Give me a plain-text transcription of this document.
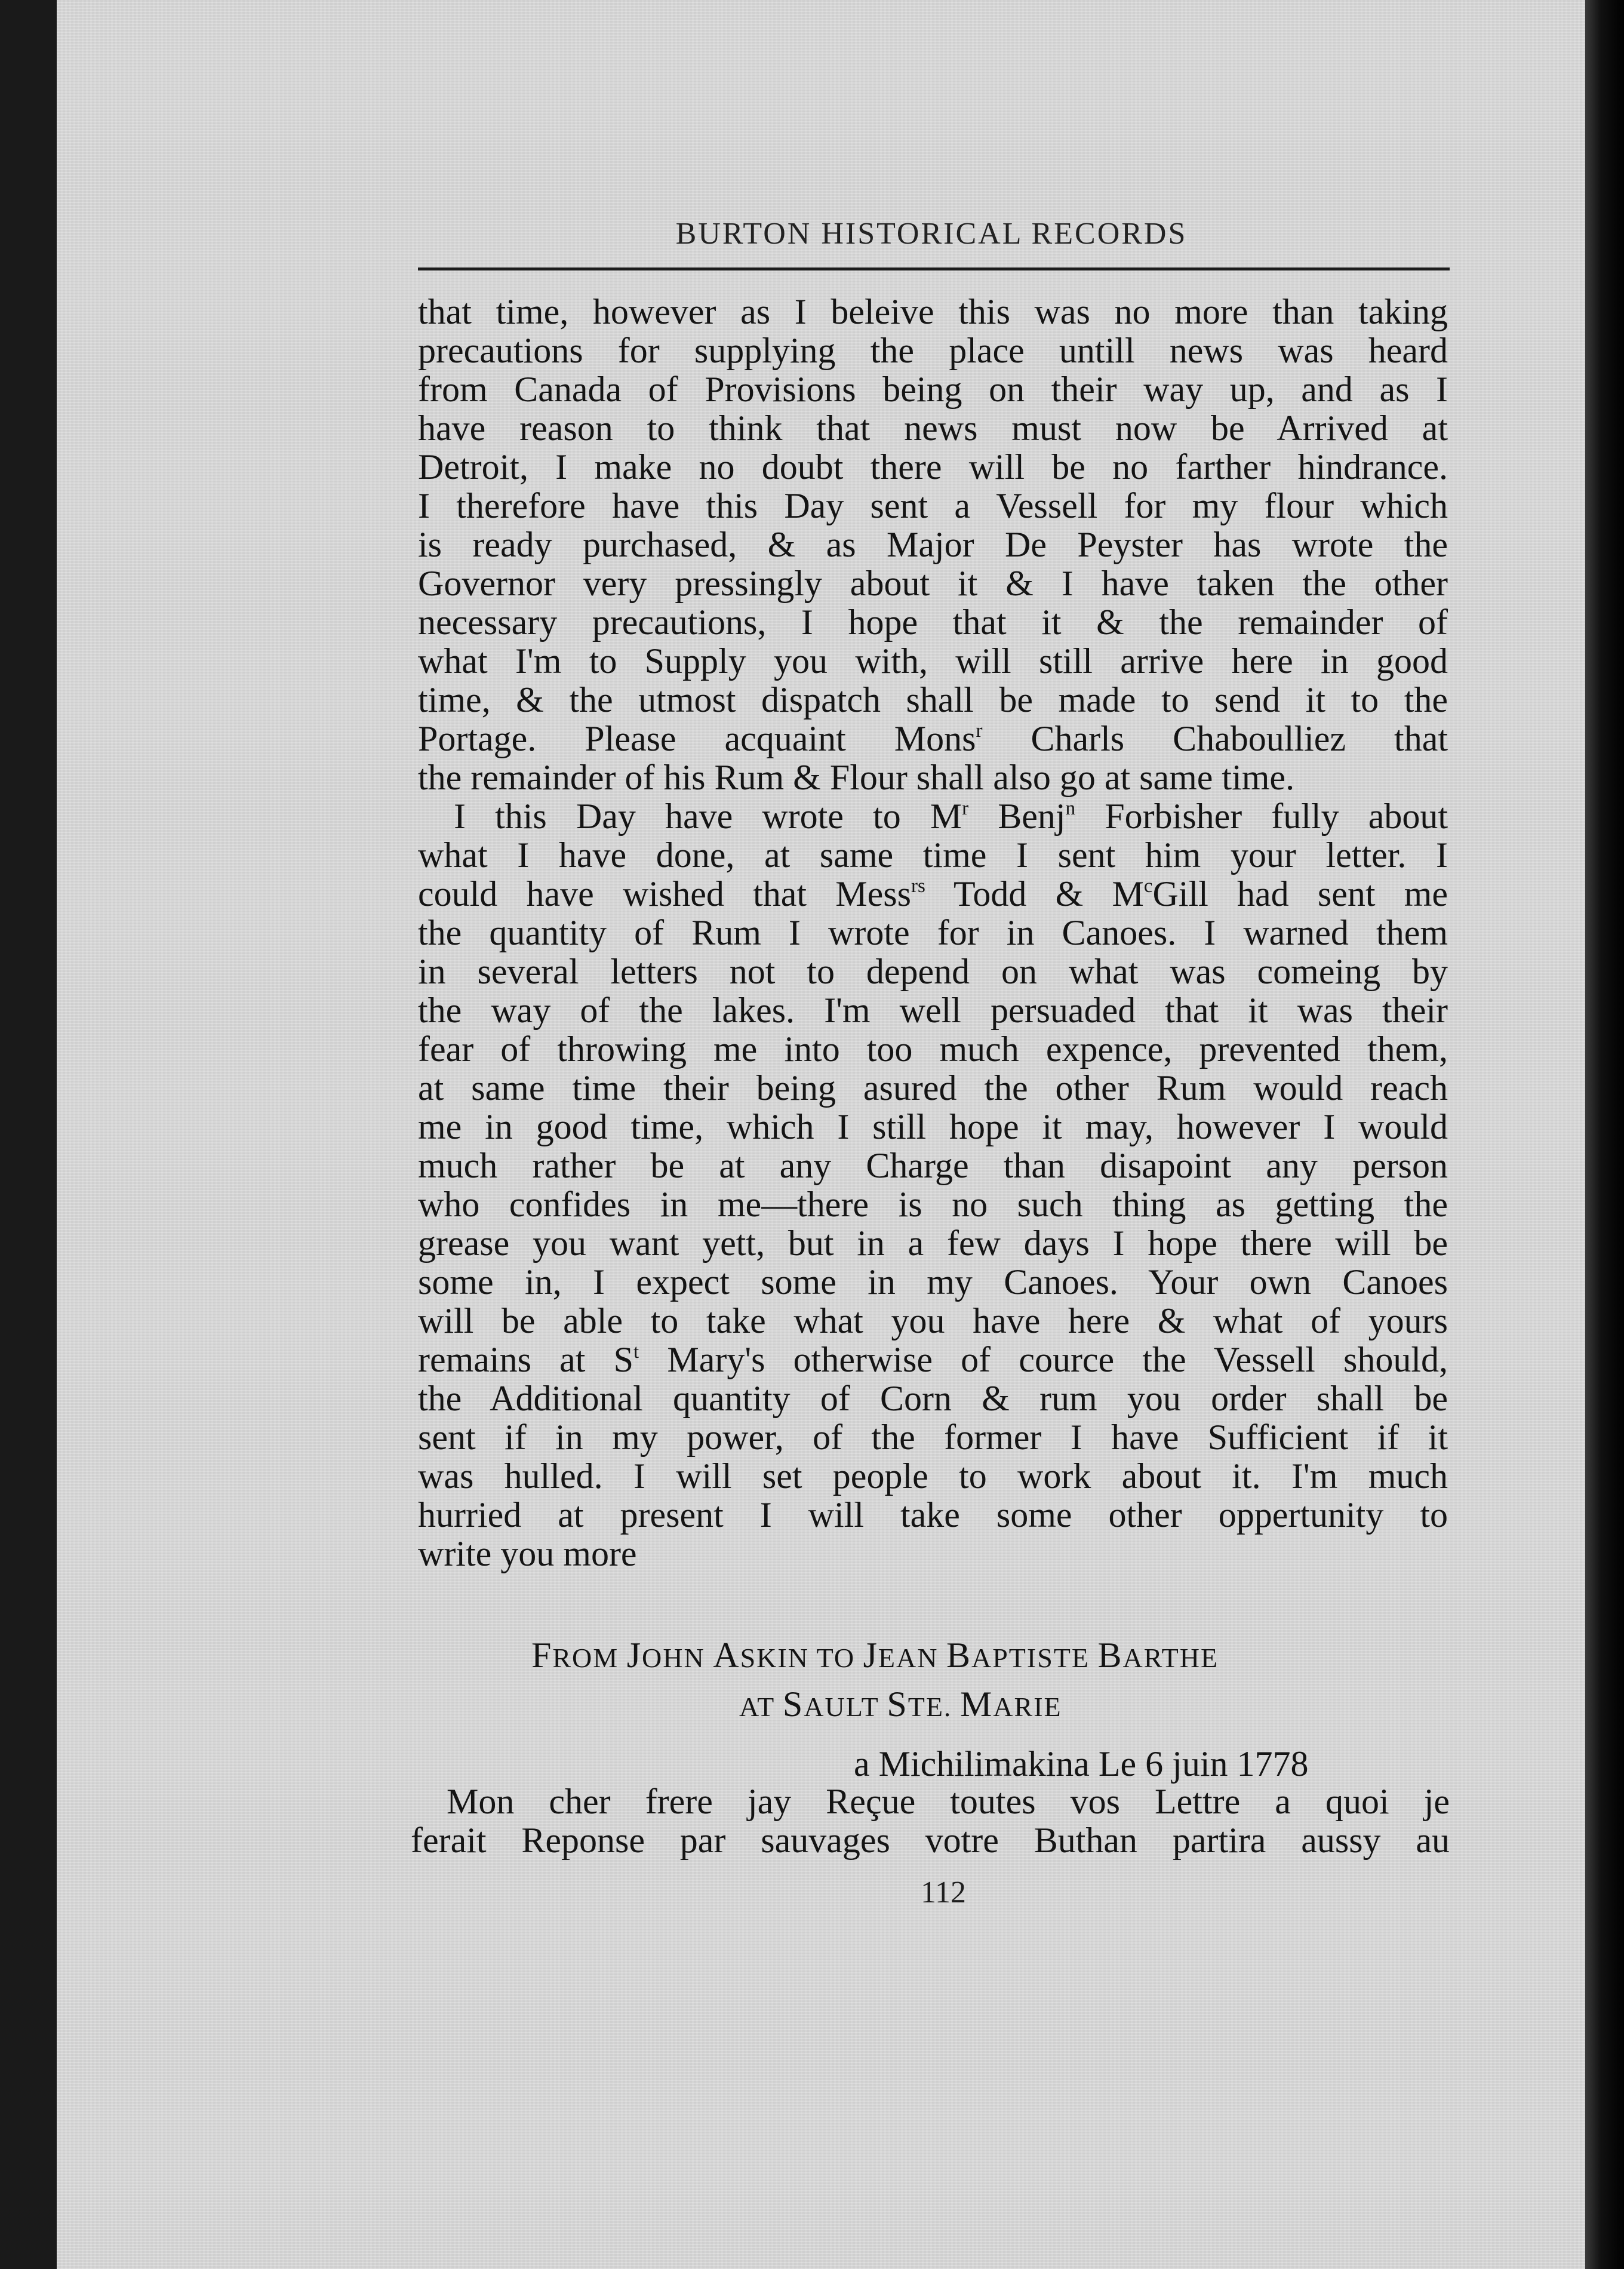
BURTON HISTORICAL RECORDS
that time, however as I beleive this was no more than taking
precautions for supplying the place untill news was heard
from Canada of Provisions being on their way up, and as I
have reason to think that news must now be Arrived at
Detroit, I make no doubt there will be no farther hindrance.
I therefore have this Day sent a Vessell for my flour which
is ready purchased, & as Major De Peyster has wrote the
Governor very pressingly about it & I have taken the other
necessary precautions, I hope that it & the remainder of
what I'm to Supply you with, will still arrive here in good
time, & the utmost dispatch shall be made to send it to the
Portage. Please acquaint Mons$^r$ Charls Chaboulliez that
the remainder of his Rum & Flour shall also go at same time.
I this Day have wrote to $M^r$ Benj$^n$ Forbisher fully about
what I have done, at same time I sent him your letter. I
could have wished that Mess$^{rs}$ Todd & $M^cGill$ had sent me
the quantity of Rum I wrote for in Canoes. I warned them
in several letters not to depend on what was comeing by
the way of the lakes. I'm well persuaded that it was their
fear of throwing me into too much expence, prevented them,
at same time their being asured the other Rum would reach
me in good time, which I still hope it may, however I would
much rather be at any Charge than disapoint any person
who confides in me—there is no such thing as getting the
grease you want yett, but in a few days I hope there will be
some in, I expect some in my Canoes. Your own Canoes
will be able to take what you have here & what of yours
remains at $S^t$ Mary's otherwise of cource the Vessell should,
the Additional quantity of Corn & rum you order shall be
sent if in my power, of the former I have Sufficient if it
was hulled. I will set people to work about it. I'm much
hurried at present I will take some other oppertunity to
write you more
FROM JOHN ASKIN TO JEAN BAPTISTE BARTHE
AT SAULT STE. MARIE
a Michilimakina Le 6 juin 1778
Mon cher frere jay Reçue toutes vos Lettre a quoi je
ferait Reponse par sauvages votre Buthan partira aussy au
112
